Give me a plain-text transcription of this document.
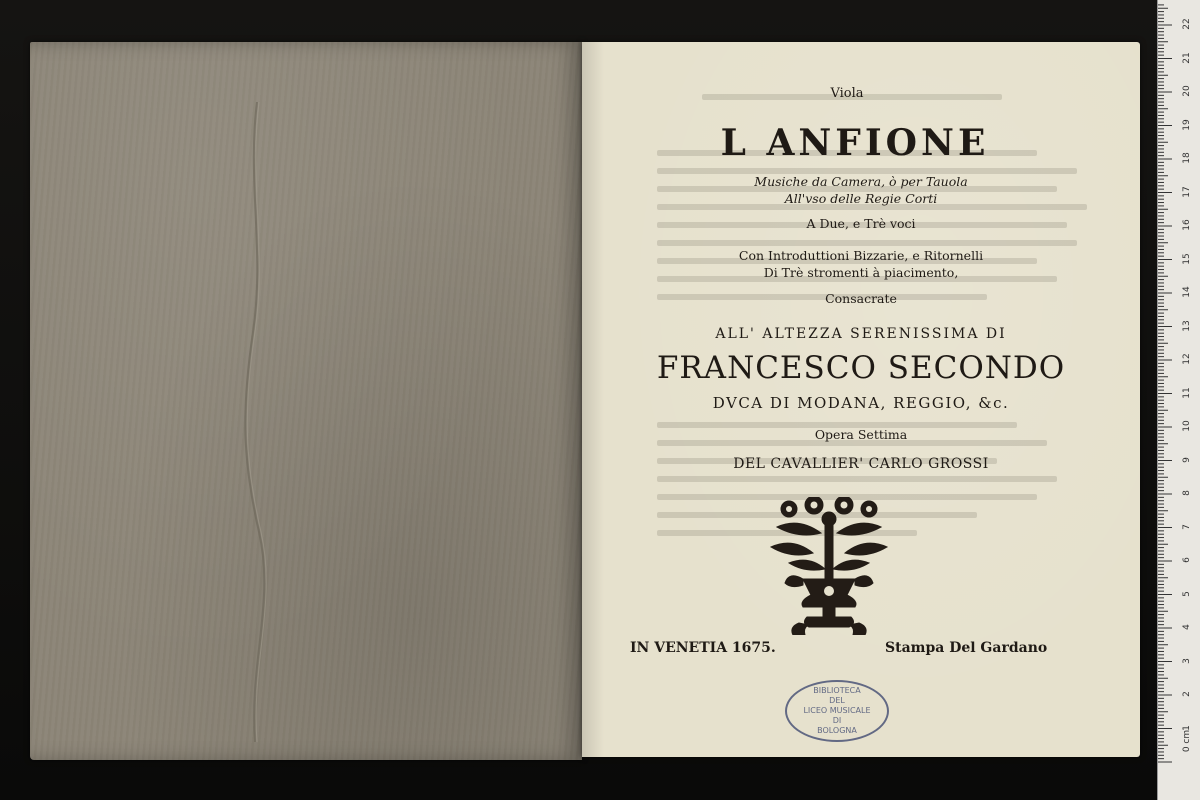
Viola
L ANFIONE
Musiche da Camera, ò per Tauola
All'vso delle Regie Corti
A Due, e Trè voci
Con Introduttioni Bizzarie, e Ritornelli
Di Trè stromenti à piacimento,
Consacrate
ALL' ALTEZZA SERENISSIMA DI
FRANCESCO SECONDO
DVCA DI MODANA, REGGIO, &c.
Opera Settima
DEL CAVALLIER' CARLO GROSSI
IN VENETIA 1675.	Stampa Del Gardano
BIBLIOTECA
DEL
LICEO MUSICALE
DI
BOLOGNA	0 cm
1
2
3
4
5
6
7
8
9
10
11
12
13
14
15
16
17
18
19
20
21
22
